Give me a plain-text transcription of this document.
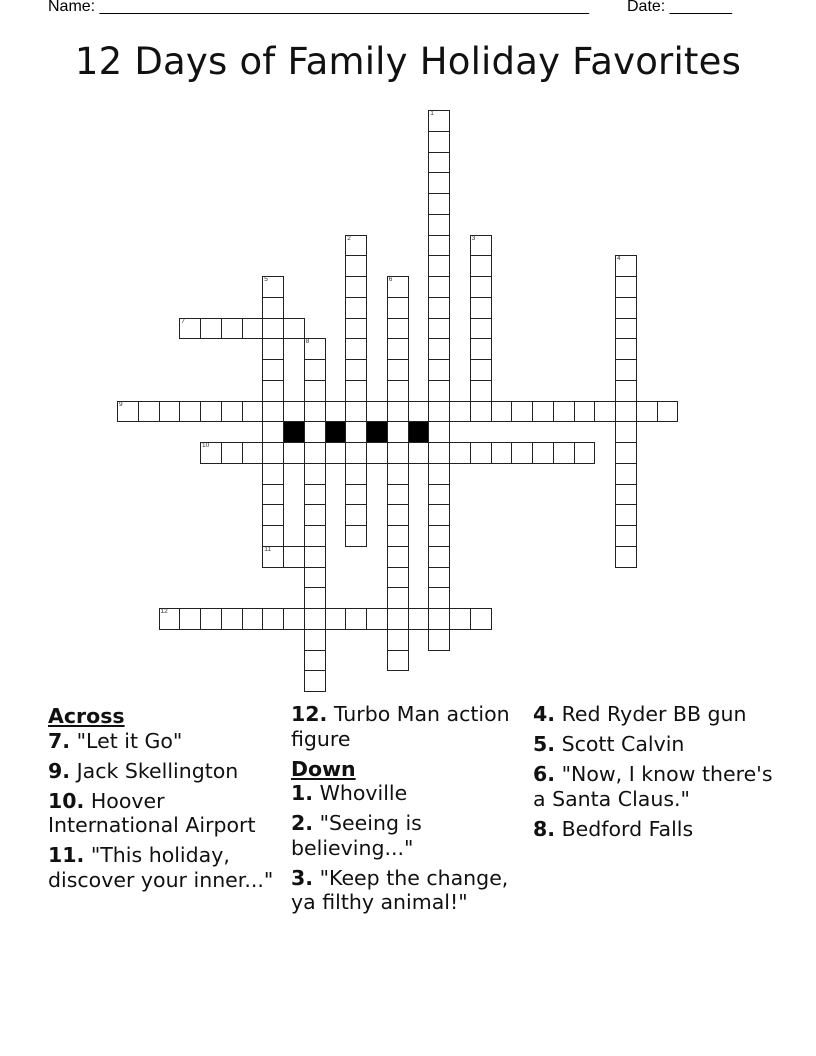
Name: _______________________________________________________ Date: _______
12 Days of Family Holiday Favorites
1
2	3
4
5
11
6
7
8
9
10
12
Across
7. "Let it Go"
9. Jack Skellington
10. Hoover International Airport
11. "This holiday, discover your inner..."
12. Turbo Man action figure
Down
1. Whoville
2. "Seeing is believing..."
3. "Keep the change, ya filthy animal!"
4. Red Ryder BB gun
5. Scott Calvin
6. "Now, I know there's a Santa Claus."
8. Bedford Falls
